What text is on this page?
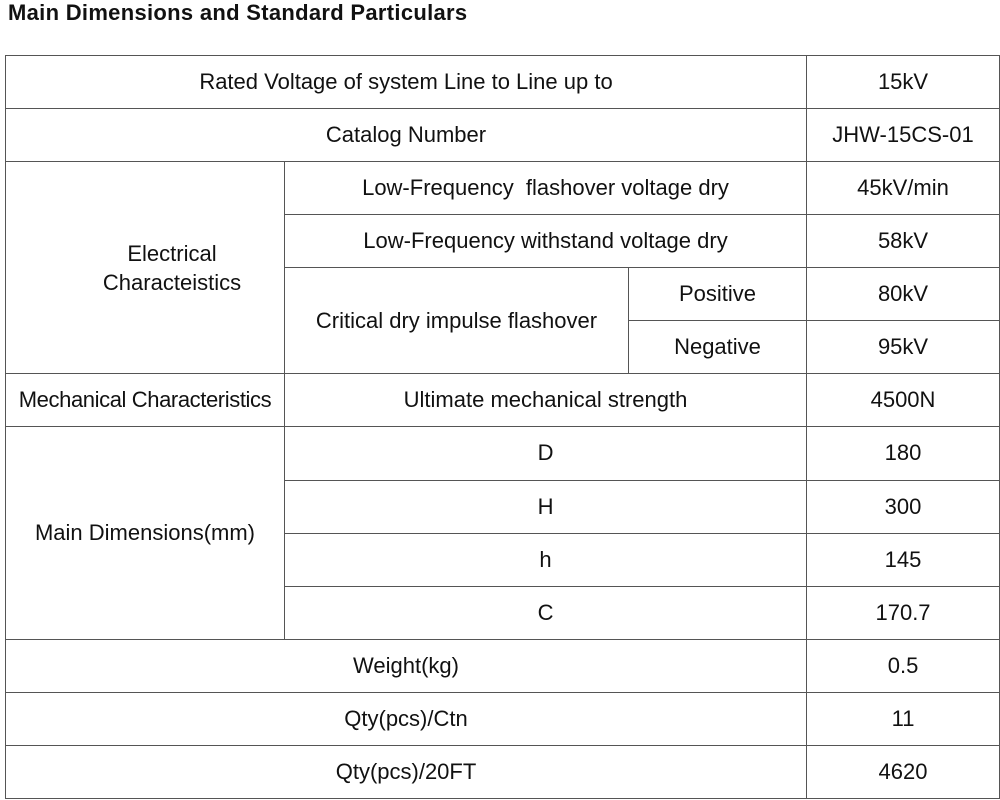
Main Dimensions and Standard Particulars
Rated Voltage of system Line to Line up to			15kV
Catalog Number			JHW-15CS-01
Electrical Characteistics	Low-Frequency  flashover voltage dry		45kV/min
	Low-Frequency withstand voltage dry		58kV
	Critical dry impulse flashover	Positive	80kV
		Negative	95kV
Mechanical Characteristics	Ultimate mechanical strength		4500N
Main Dimensions(mm)	D		180
	H		300
	h		145
	C		170.7
Weight(kg)			0.5
Qty(pcs)/Ctn			11
Qty(pcs)/20FT			4620
